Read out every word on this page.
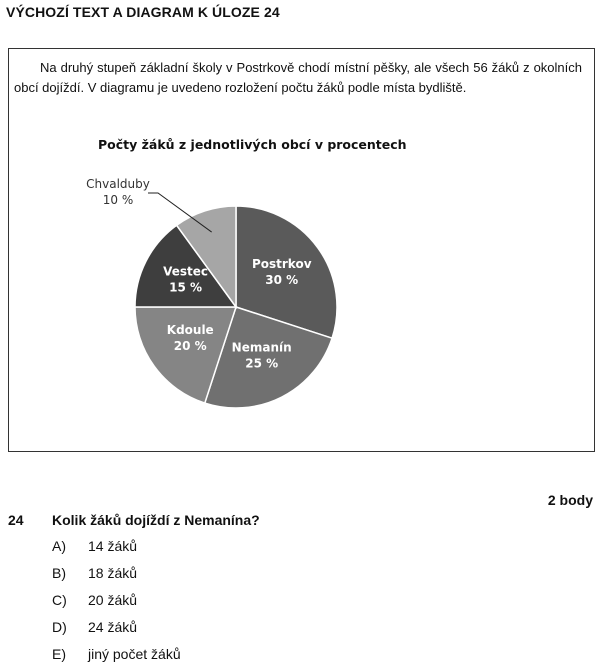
VÝCHOZÍ TEXT A DIAGRAM K ÚLOZE 24
Na druhý stupeň základní školy v Postrkově chodí místní pěšky, ale všech 56 žáků z okolních obcí dojíždí. V diagramu je uvedeno rozložení počtu žáků podle místa bydliště.
Počty žáků z jednotlivých obcí v procentech
Postrkov
30 %
Nemanín
25 %
Kdoule
20 %
Vestec
15 %
Chvalduby
10 %
2 body
24 Kolik žáků dojíždí z Nemanína?
A) 14 žáků
B) 18 žáků
C) 20 žáků
D) 24 žáků
E) jiný počet žáků
